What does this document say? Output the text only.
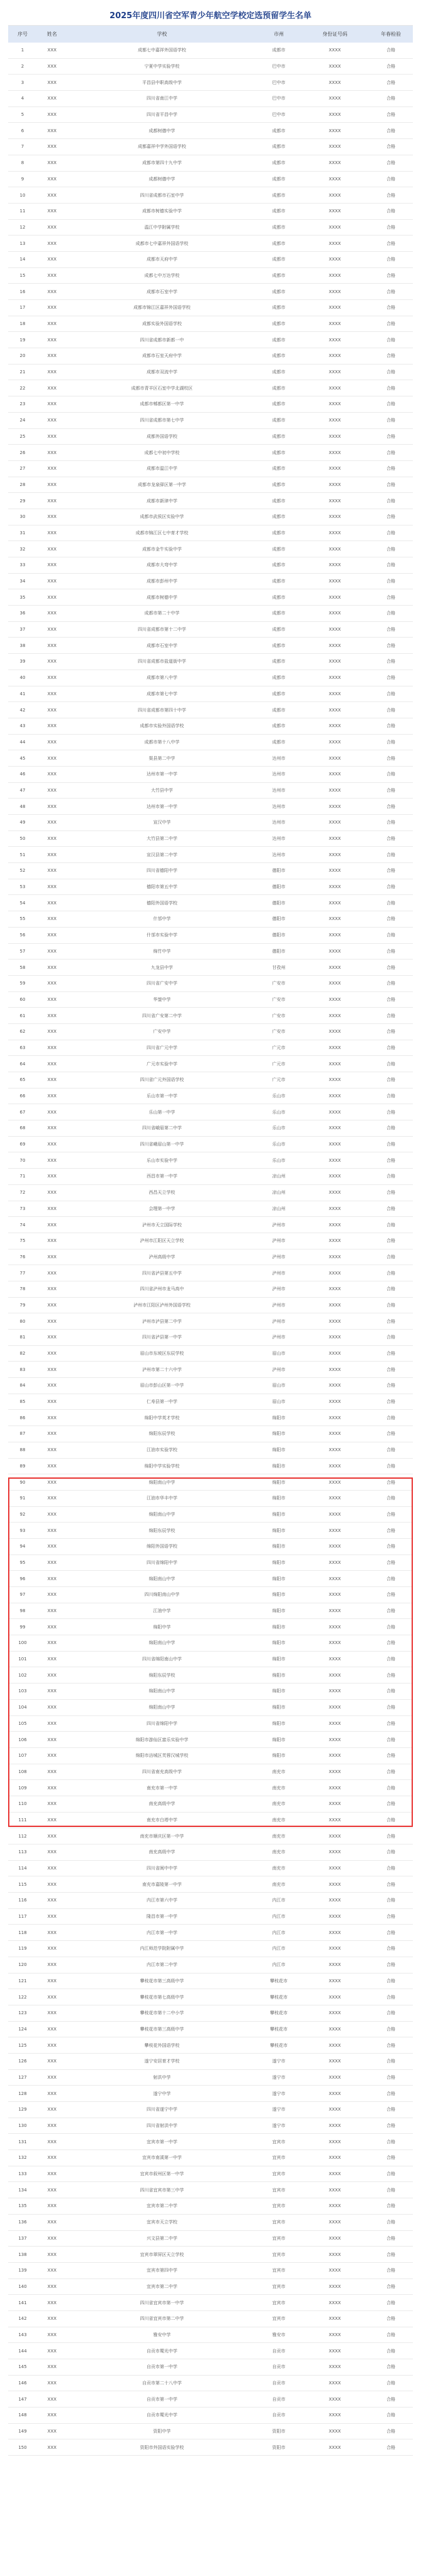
2025年度四川省空军青少年航空学校定选预留学生名单
序号	姓名	学校	市州	身份证号码	年春检验
1	XXX	成都七中嘉祥外国语学校	成都市	XXXX	合格
2	XXX	宁夏中学实验学校	巴中市	XXXX	合格
3	XXX	平昌县中职高级中学	巴中市	XXXX	合格
4	XXX	四川省南江中学	巴中市	XXXX	合格
5	XXX	四川省平昌中学	巴中市	XXXX	合格
6	XXX	成都树德中学	成都市	XXXX	合格
7	XXX	成都嘉祥中学外国语学校	成都市	XXXX	合格
8	XXX	成都市第四十九中学	成都市	XXXX	合格
9	XXX	成都树德中学	成都市	XXXX	合格
10	XXX	四川省成都市石室中学	成都市	XXXX	合格
11	XXX	成都市树德实验中学	成都市	XXXX	合格
12	XXX	温江中学附属学校	成都市	XXXX	合格
13	XXX	成都市七中嘉祥外国语学校	成都市	XXXX	合格
14	XXX	成都市天府中学	成都市	XXXX	合格
15	XXX	成都七中万达学校	成都市	XXXX	合格
16	XXX	成都市石室中学	成都市	XXXX	合格
17	XXX	成都市锦江区嘉祥外国语学校	成都市	XXXX	合格
18	XXX	成都实验外国语学校	成都市	XXXX	合格
19	XXX	四川省成都市新都一中	成都市	XXXX	合格
20	XXX	成都市石室天府中学	成都市	XXXX	合格
21	XXX	成都市双流中学	成都市	XXXX	合格
22	XXX	成都市青羊区石室中学北湖校区	成都市	XXXX	合格
23	XXX	成都市郫都区第一中学	成都市	XXXX	合格
24	XXX	四川省成都市第七中学	成都市	XXXX	合格
25	XXX	成都外国语学校	成都市	XXXX	合格
26	XXX	成都七中初中学校	成都市	XXXX	合格
27	XXX	成都市温江中学	成都市	XXXX	合格
28	XXX	成都市龙泉驿区第一中学	成都市	XXXX	合格
29	XXX	成都市新津中学	成都市	XXXX	合格
30	XXX	成都市武侯区实验中学	成都市	XXXX	合格
31	XXX	成都市锦江区七中育才学校	成都市	XXXX	合格
32	XXX	成都市金牛实验中学	成都市	XXXX	合格
33	XXX	成都市大弯中学	成都市	XXXX	合格
34	XXX	成都市彭州中学	成都市	XXXX	合格
35	XXX	成都市树德中学	成都市	XXXX	合格
36	XXX	成都市第二十中学	成都市	XXXX	合格
37	XXX	四川省成都市第十二中学	成都市	XXXX	合格
38	XXX	成都市石室中学	成都市	XXXX	合格
39	XXX	四川省成都市盐道街中学	成都市	XXXX	合格
40	XXX	成都市第八中学	成都市	XXXX	合格
41	XXX	成都市第七中学	成都市	XXXX	合格
42	XXX	四川省成都市第四十中学	成都市	XXXX	合格
43	XXX	成都市实验外国语学校	成都市	XXXX	合格
44	XXX	成都市第十八中学	成都市	XXXX	合格
45	XXX	渠县第二中学	达州市	XXXX	合格
46	XXX	达州市第一中学	达州市	XXXX	合格
47	XXX	大竹县中学	达州市	XXXX	合格
48	XXX	达州市第一中学	达州市	XXXX	合格
49	XXX	宣汉中学	达州市	XXXX	合格
50	XXX	大竹县第二中学	达州市	XXXX	合格
51	XXX	宣汉县第二中学	达州市	XXXX	合格
52	XXX	四川省德阳中学	德阳市	XXXX	合格
53	XXX	德阳市第五中学	德阳市	XXXX	合格
54	XXX	德阳外国语学校	德阳市	XXXX	合格
55	XXX	什邡中学	德阳市	XXXX	合格
56	XXX	什邡市实验中学	德阳市	XXXX	合格
57	XXX	绵竹中学	德阳市	XXXX	合格
58	XXX	九龙县中学	甘孜州	XXXX	合格
59	XXX	四川省广安中学	广安市	XXXX	合格
60	XXX	华蓥中学	广安市	XXXX	合格
61	XXX	四川省广安第二中学	广安市	XXXX	合格
62	XXX	广安中学	广安市	XXXX	合格
63	XXX	四川省广元中学	广元市	XXXX	合格
64	XXX	广元市实验中学	广元市	XXXX	合格
65	XXX	四川省广元外国语学校	广元市	XXXX	合格
66	XXX	乐山市第一中学	乐山市	XXXX	合格
67	XXX	乐山第一中学	乐山市	XXXX	合格
68	XXX	四川省峨眉第二中学	乐山市	XXXX	合格
69	XXX	四川省峨眉山第一中学	乐山市	XXXX	合格
70	XXX	乐山市实验中学	乐山市	XXXX	合格
71	XXX	西昌市第一中学	凉山州	XXXX	合格
72	XXX	西昌天立学校	凉山州	XXXX	合格
73	XXX	会理第一中学	凉山州	XXXX	合格
74	XXX	泸州市天立国际学校	泸州市	XXXX	合格
75	XXX	泸州市江阳区天立学校	泸州市	XXXX	合格
76	XXX	泸州高级中学	泸州市	XXXX	合格
77	XXX	四川省泸县第五中学	泸州市	XXXX	合格
78	XXX	四川省泸州市龙马高中	泸州市	XXXX	合格
79	XXX	泸州市江阳区泸州外国语学校	泸州市	XXXX	合格
80	XXX	泸州市泸县第二中学	泸州市	XXXX	合格
81	XXX	四川省泸县第一中学	泸州市	XXXX	合格
82	XXX	眉山市东坡区东辰学校	眉山市	XXXX	合格
83	XXX	泸州市第二十六中学	泸州市	XXXX	合格
84	XXX	眉山市彭山区第一中学	眉山市	XXXX	合格
85	XXX	仁寿县第一中学	眉山市	XXXX	合格
86	XXX	绵阳中学英才学校	绵阳市	XXXX	合格
87	XXX	绵阳东辰学校	绵阳市	XXXX	合格
88	XXX	江油市实验学校	绵阳市	XXXX	合格
89	XXX	绵阳中学实验学校	绵阳市	XXXX	合格
90	XXX	绵阳南山中学	绵阳市	XXXX	合格
91	XXX	江油市华丰中学	绵阳市	XXXX	合格
92	XXX	绵阳南山中学	绵阳市	XXXX	合格
93	XXX	绵阳东辰学校	绵阳市	XXXX	合格
94	XXX	绵阳外国语学校	绵阳市	XXXX	合格
95	XXX	四川省绵阳中学	绵阳市	XXXX	合格
96	XXX	绵阳南山中学	绵阳市	XXXX	合格
97	XXX	四川绵阳南山中学	绵阳市	XXXX	合格
98	XXX	江油中学	绵阳市	XXXX	合格
99	XXX	绵阳中学	绵阳市	XXXX	合格
100	XXX	绵阳南山中学	绵阳市	XXXX	合格
101	XXX	四川省绵阳南山中学	绵阳市	XXXX	合格
102	XXX	绵阳东辰学校	绵阳市	XXXX	合格
103	XXX	绵阳南山中学	绵阳市	XXXX	合格
104	XXX	绵阳南山中学	绵阳市	XXXX	合格
105	XXX	四川省绵阳中学	绵阳市	XXXX	合格
106	XXX	绵阳市游仙区富乐实验中学	绵阳市	XXXX	合格
107	XXX	绵阳市涪城区芙蓉汉城学校	绵阳市	XXXX	合格
108	XXX	四川省南充高级中学	南充市	XXXX	合格
109	XXX	南充市第一中学	南充市	XXXX	合格
110	XXX	南充高级中学	南充市	XXXX	合格
111	XXX	南充市白塔中学	南充市	XXXX	合格
112	XXX	南充市顺庆区第一中学	南充市	XXXX	合格
113	XXX	南充高级中学	南充市	XXXX	合格
114	XXX	四川省阆中中学	南充市	XXXX	合格
115	XXX	南充市嘉陵第一中学	南充市	XXXX	合格
116	XXX	内江市第六中学	内江市	XXXX	合格
117	XXX	隆昌市第一中学	内江市	XXXX	合格
118	XXX	内江市第一中学	内江市	XXXX	合格
119	XXX	内江师范学院附属中学	内江市	XXXX	合格
120	XXX	内江市第二中学	内江市	XXXX	合格
121	XXX	攀枝花市第三高级中学	攀枝花市	XXXX	合格
122	XXX	攀枝花市第七高级中学	攀枝花市	XXXX	合格
123	XXX	攀枝花市第十二中小学	攀枝花市	XXXX	合格
124	XXX	攀枝花市第三高级中学	攀枝花市	XXXX	合格
125	XXX	攀枝花外国语学校	攀枝花市	XXXX	合格
126	XXX	遂宁安居育才学校	遂宁市	XXXX	合格
127	XXX	射洪中学	遂宁市	XXXX	合格
128	XXX	遂宁中学	遂宁市	XXXX	合格
129	XXX	四川省遂宁中学	遂宁市	XXXX	合格
130	XXX	四川省射洪中学	遂宁市	XXXX	合格
131	XXX	宜宾市第一中学	宜宾市	XXXX	合格
132	XXX	宜宾市南溪第一中学	宜宾市	XXXX	合格
133	XXX	宜宾市叙州区第一中学	宜宾市	XXXX	合格
134	XXX	四川省宜宾市第三中学	宜宾市	XXXX	合格
135	XXX	宜宾市第二中学	宜宾市	XXXX	合格
136	XXX	宜宾市天立学校	宜宾市	XXXX	合格
137	XXX	兴文县第二中学	宜宾市	XXXX	合格
138	XXX	宜宾市翠屏区天立学校	宜宾市	XXXX	合格
139	XXX	宜宾市第四中学	宜宾市	XXXX	合格
140	XXX	宜宾市第二中学	宜宾市	XXXX	合格
141	XXX	四川省宜宾市第一中学	宜宾市	XXXX	合格
142	XXX	四川省宜宾市第二中学	宜宾市	XXXX	合格
143	XXX	雅安中学	雅安市	XXXX	合格
144	XXX	自贡市蜀光中学	自贡市	XXXX	合格
145	XXX	自贡市第一中学	自贡市	XXXX	合格
146	XXX	自贡市第二十八中学	自贡市	XXXX	合格
147	XXX	自贡市第一中学	自贡市	XXXX	合格
148	XXX	自贡市蜀光中学	自贡市	XXXX	合格
149	XXX	资阳中学	资阳市	XXXX	合格
150	XXX	资阳市外国语实验学校	资阳市	XXXX	合格
